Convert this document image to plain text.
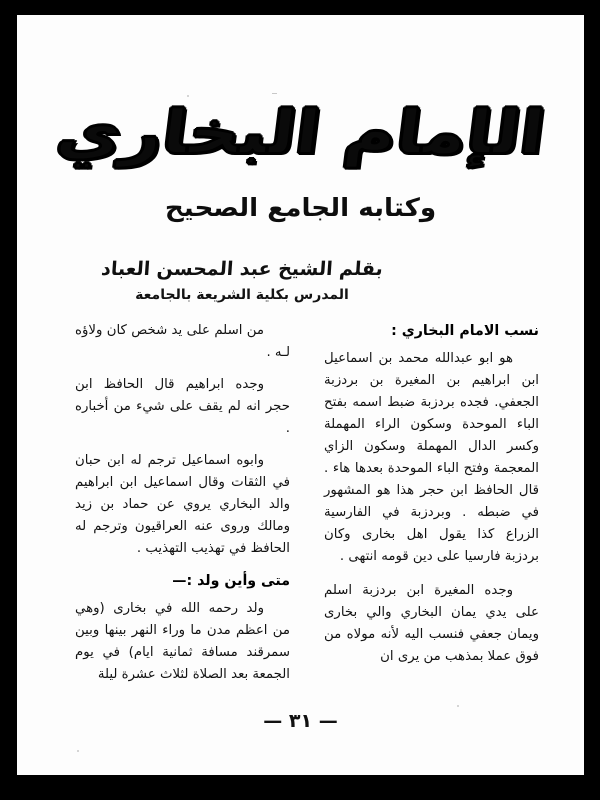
الإمام البخاري
وكتابه الجامع الصحيح
بقلم الشيخ عبد المحسن العباد
المدرس بكلية الشريعة بالجامعة
نسب الامام البخاري :
هو ابو عبدالله محمد بن اسماعيل ابن ابراهيم بن المغيرة بن بردزبة الجعفي. فجده بردزبة ضبط اسمه بفتح الباء الموحدة وسكون الراء المهملة وكسر الدال المهملة وسكون الزاي المعجمة وفتح الباء الموحدة بعدها هاء . قال الحافظ ابن حجر هذا هو المشهور في ضبطه . وبردزبة في الفارسية الزراع كذا يقول اهل بخارى وكان بردزبة فارسيا على دين قومه انتهى .
وجده المغيرة ابن بردزبة اسلم على يدي يمان البخاري والي بخارى ويمان جعفي فنسب اليه لأنه مولاه من فوق عملا بمذهب من يرى ان
من اسلم على يد شخص كان ولاؤه لـه .
وجده ابراهيم قال الحافظ ابن حجر انه لم يقف على شيء من أخباره .
وابوه اسماعيل ترجم له ابن حبان في الثقات وقال اسماعيل ابن ابراهيم والد البخاري يروي عن حماد بن زيد ومالك وروى عنه العراقيون وترجم له الحافظ في تهذيب التهذيب .
متى وأين ولد :—
ولد رحمه الله في بخارى (وهي من اعظم مدن ما وراء النهر بينها وبين سمرقند مسافة ثمانية ايام) في يوم الجمعة بعد الصلاة لثلاث عشرة ليلة
— ٣١ —
